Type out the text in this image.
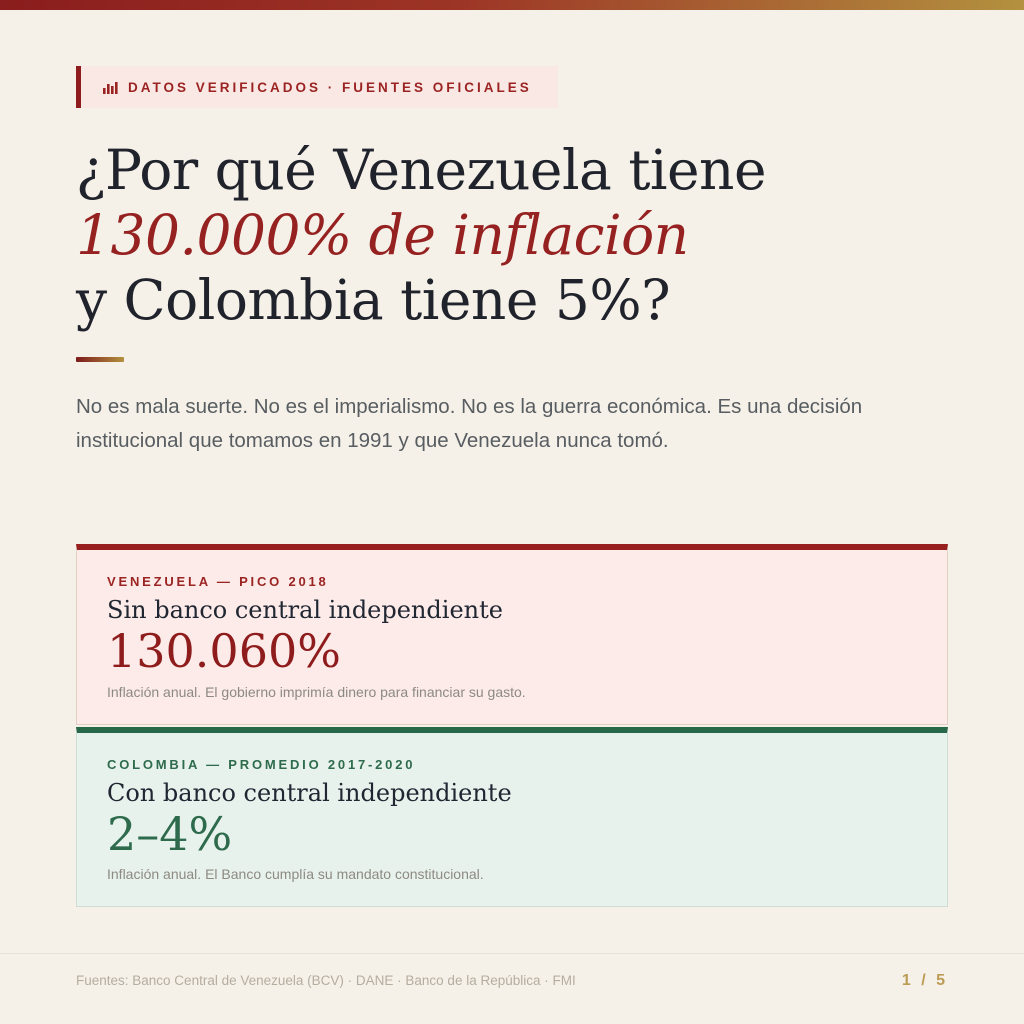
DATOS VERIFICADOS · FUENTES OFICIALES
¿Por qué Venezuela tiene
130.000% de inflación
y Colombia tiene 5%?

No es mala suerte. No es el imperialismo. No es la guerra económica. Es una decisión institucional que tomamos en 1991 y que Venezuela nunca tomó.

VENEZUELA — PICO 2018
Sin banco central independiente
130.060%
Inflación anual. El gobierno imprimía dinero para financiar su gasto.
COLOMBIA — PROMEDIO 2017-2020
Con banco central independiente
2–4%
Inflación anual. El Banco cumplía su mandato constitucional.
Fuentes: Banco Central de Venezuela (BCV) · DANE · Banco de la República · FMI	1 / 5
